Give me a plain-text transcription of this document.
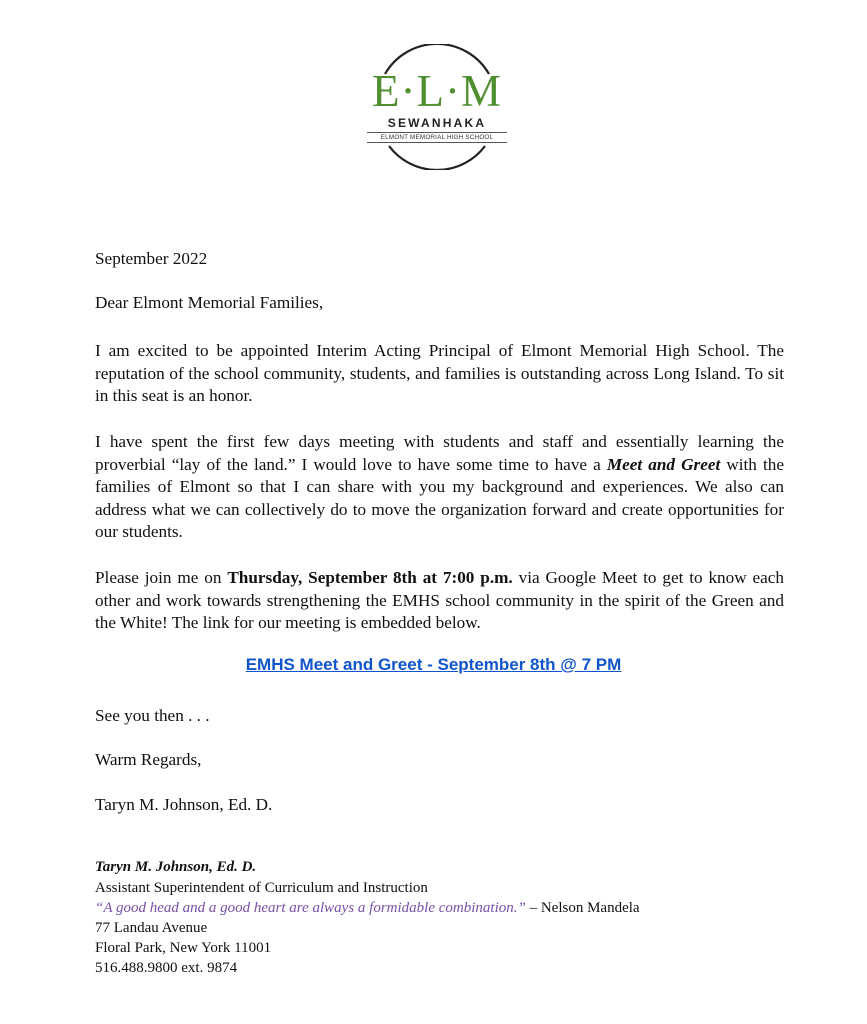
E·L·M
SEWANHAKA
ELMONT MEMORIAL HIGH SCHOOL

September 2022

Dear Elmont Memorial Families,

I am excited to be appointed Interim Acting Principal of Elmont Memorial High School. The reputation of the school community, students, and families is outstanding across Long Island. To sit in this seat is an honor.

I have spent the first few days meeting with students and staff and essentially learning the proverbial “lay of the land.” I would love to have some time to have a Meet and Greet with the families of Elmont so that I can share with you my background and experiences. We also can address what we can collectively do to move the organization forward and create opportunities for our students.

Please join me on Thursday, September 8th at 7:00 p.m. via Google Meet to get to know each other and work towards strengthening the EMHS school community in the spirit of the Green and the White! The link for our meeting is embedded below.

EMHS Meet and Greet - September 8th @ 7 PM

See you then . . .

Warm Regards,

Taryn M. Johnson, Ed. D.

Taryn M. Johnson, Ed. D.

Assistant Superintendent of Curriculum and Instruction

“A good head and a good heart are always a formidable combination.” – Nelson Mandela

77 Landau Avenue

Floral Park, New York 11001

516.488.9800 ext. 9874
